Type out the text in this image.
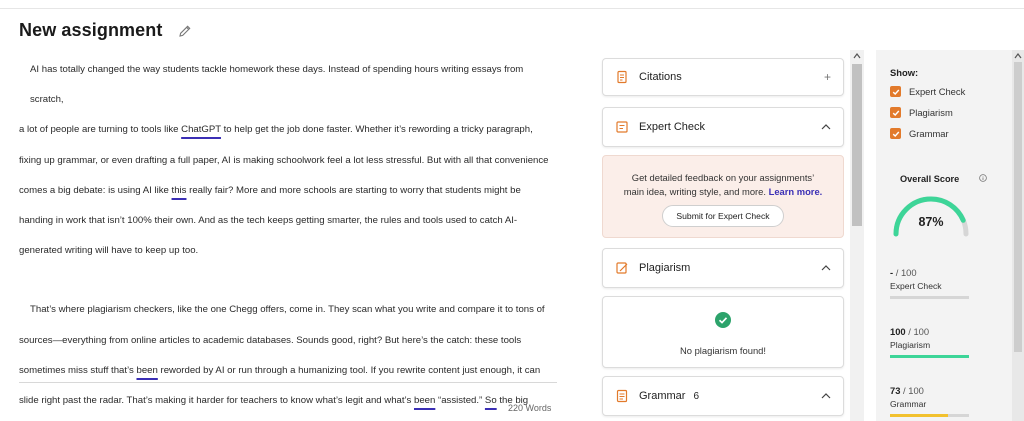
New assignment
AI has totally changed the way students tackle homework these days. Instead of spending hours writing essays from scratch,
a lot of people are turning to tools like ChatGPT to help get the job done faster. Whether it’s rewording a tricky paragraph,
fixing up grammar, or even drafting a full paper, AI is making schoolwork feel a lot less stressful. But with all that convenience
comes a big debate: is using AI like this really fair? More and more schools are starting to worry that students might be
handing in work that isn’t 100% their own. And as the tech keeps getting smarter, the rules and tools used to catch AI-
generated writing will have to keep up too.
That’s where plagiarism checkers, like the one Chegg offers, come in. They scan what you write and compare it to tons of
sources—everything from online articles to academic databases. Sounds good, right? But here’s the catch: these tools
sometimes miss stuff that’s been reworded by AI or run through a humanizing tool. If you rewrite content just enough, it can
slide right past the radar. That’s making it harder for teachers to know what’s legit and what’s been “assisted.” So the big
220 Words
Citations	+
Expert Check
Get detailed feedback on your assignments’
main idea, writing style, and more. Learn more.
Submit for Expert Check
Plagiarism
No plagiarism found!
Grammar 6
Show:
Expert Check
Plagiarism
Grammar
Overall Score
87%
- / 100
Expert Check
100 / 100
Plagiarism
73 / 100
Grammar
